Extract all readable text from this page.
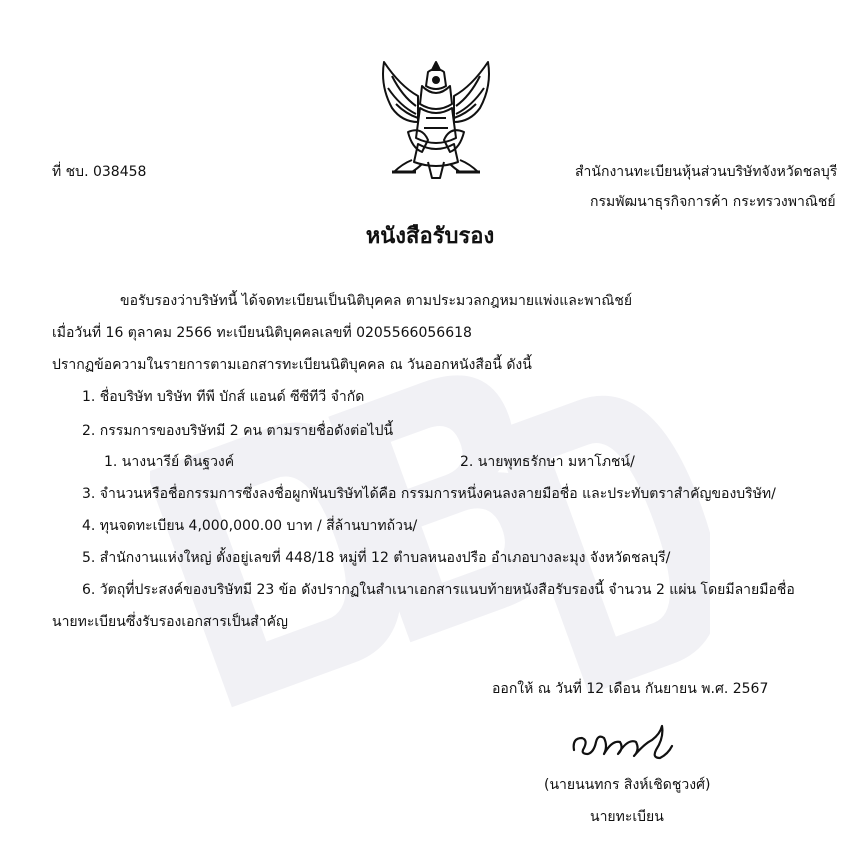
ที่ ชบ. 038458	สำนักงานทะเบียนหุ้นส่วนบริษัทจังหวัดชลบุรี
กรมพัฒนาธุรกิจการค้า กระทรวงพาณิชย์
หนังสือรับรอง
ขอรับรองว่าบริษัทนี้ ได้จดทะเบียนเป็นนิติบุคคล ตามประมวลกฎหมายแพ่งและพาณิชย์
เมื่อวันที่ 16 ตุลาคม 2566 ทะเบียนนิติบุคคลเลขที่ 0205566056618
ปรากฏข้อความในรายการตามเอกสารทะเบียนนิติบุคคล ณ วันออกหนังสือนี้ ดังนี้
1. ชื่อบริษัท บริษัท ทีพี บักส์ แอนด์ ซีซีทีวี จำกัด
2. กรรมการของบริษัทมี 2 คน ตามรายชื่อดังต่อไปนี้
1. นางนารีย์ ดินฐวงค์	2. นายพุทธรักษา มหาโภชน์/
3. จำนวนหรือชื่อกรรมการซึ่งลงชื่อผูกพันบริษัทได้คือ กรรมการหนึ่งคนลงลายมือชื่อ และประทับตราสำคัญของบริษัท/
4. ทุนจดทะเบียน 4,000,000.00 บาท / สี่ล้านบาทถ้วน/
5. สำนักงานแห่งใหญ่ ตั้งอยู่เลขที่ 448/18 หมู่ที่ 12 ตำบลหนองปรือ อำเภอบางละมุง จังหวัดชลบุรี/
6. วัตถุที่ประสงค์ของบริษัทมี 23 ข้อ ดังปรากฏในสำเนาเอกสารแนบท้ายหนังสือรับรองนี้ จำนวน 2 แผ่น โดยมีลายมือชื่อ
นายทะเบียนซึ่งรับรองเอกสารเป็นสำคัญ
ออกให้ ณ วันที่ 12 เดือน กันยายน พ.ศ. 2567
(นายนนทกร สิงห์เชิดชูวงศ์)
นายทะเบียน
